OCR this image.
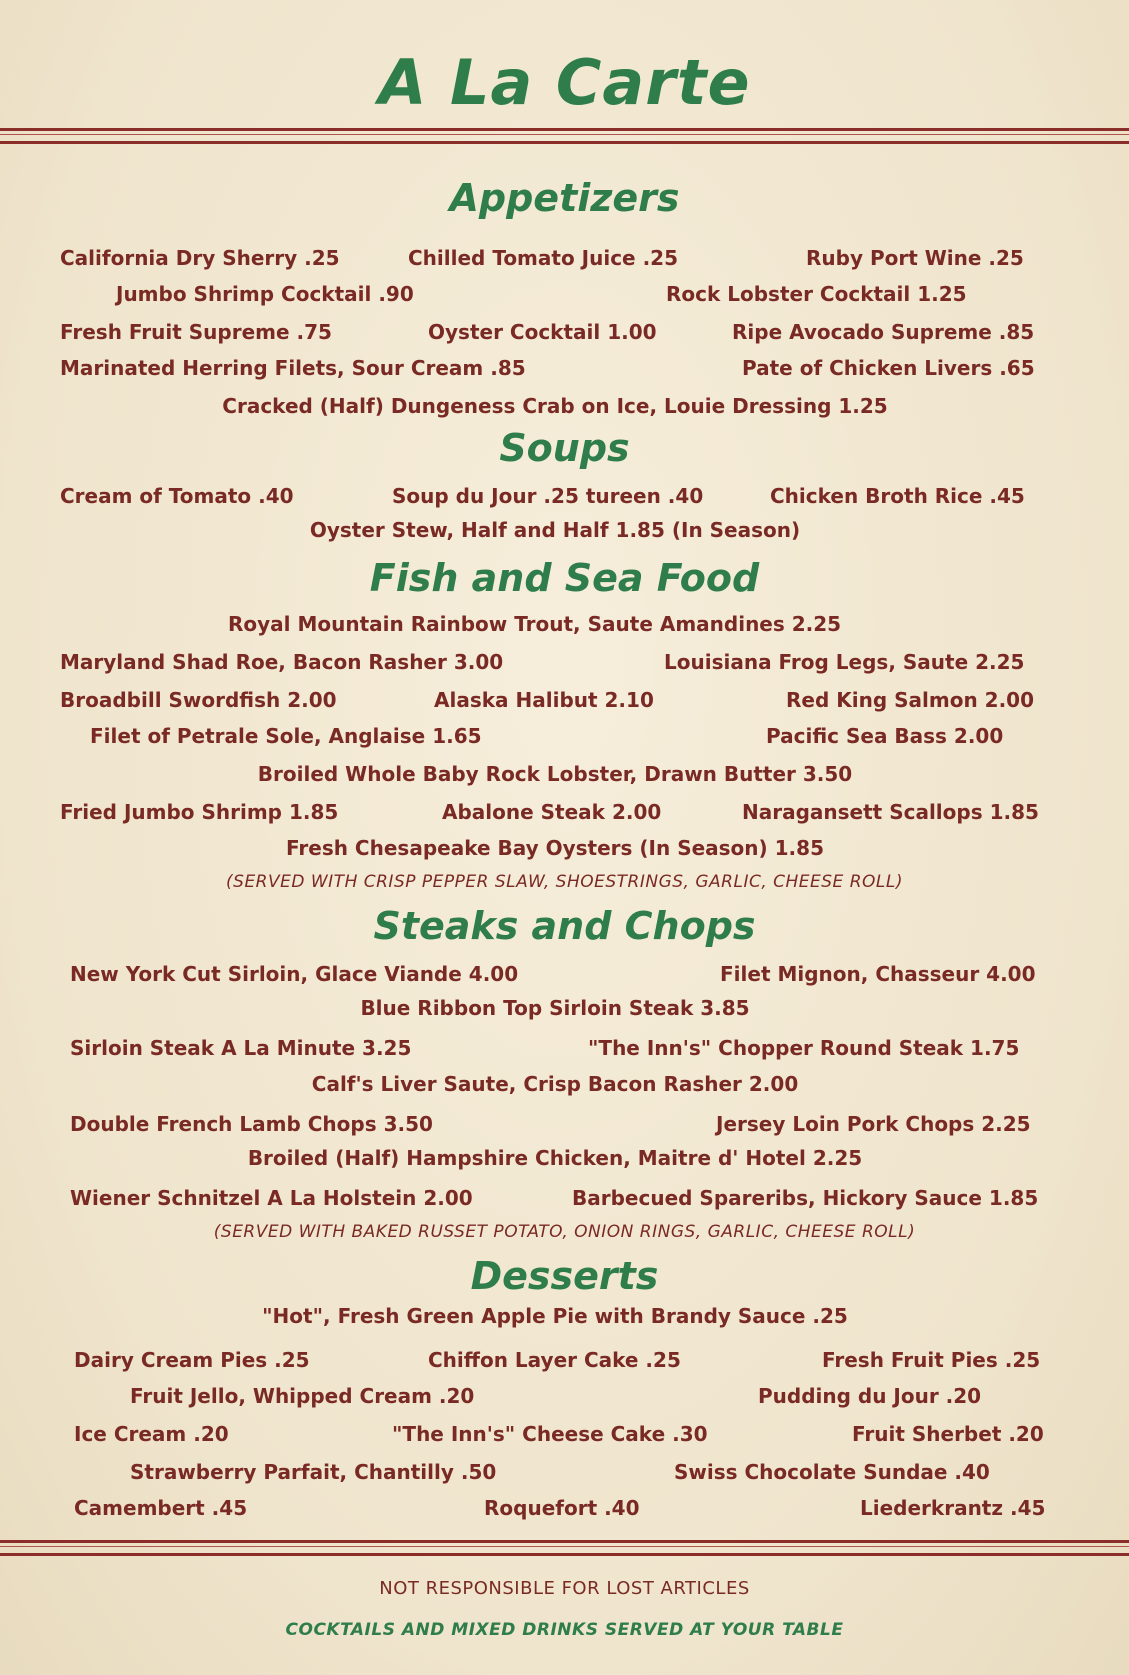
A La Carte
Appetizers
California Dry Sherry .25	Chilled Tomato Juice .25	Ruby Port Wine .25
Jumbo Shrimp Cocktail .90	Rock Lobster Cocktail 1.25
Fresh Fruit Supreme .75	Oyster Cocktail 1.00	Ripe Avocado Supreme .85
Marinated Herring Filets, Sour Cream .85	Pate of Chicken Livers .65
Cracked (Half) Dungeness Crab on Ice, Louie Dressing 1.25
Soups
Cream of Tomato .40	Soup du Jour .25 tureen .40	Chicken Broth Rice .45
Oyster Stew, Half and Half 1.85 (In Season)
Fish and Sea Food
Royal Mountain Rainbow Trout, Saute Amandines 2.25
Maryland Shad Roe, Bacon Rasher 3.00	Louisiana Frog Legs, Saute 2.25
Broadbill Swordfish 2.00	Alaska Halibut 2.10	Red King Salmon 2.00
Filet of Petrale Sole, Anglaise 1.65	Pacific Sea Bass 2.00
Broiled Whole Baby Rock Lobster, Drawn Butter 3.50
Fried Jumbo Shrimp 1.85	Abalone Steak 2.00	Naragansett Scallops 1.85
Fresh Chesapeake Bay Oysters (In Season) 1.85
(SERVED WITH CRISP PEPPER SLAW, SHOESTRINGS, GARLIC, CHEESE ROLL)
Steaks and Chops
New York Cut Sirloin, Glace Viande 4.00	Filet Mignon, Chasseur 4.00
Blue Ribbon Top Sirloin Steak 3.85
Sirloin Steak A La Minute 3.25	"The Inn's" Chopper Round Steak 1.75
Calf's Liver Saute, Crisp Bacon Rasher 2.00
Double French Lamb Chops 3.50	Jersey Loin Pork Chops 2.25
Broiled (Half) Hampshire Chicken, Maitre d' Hotel 2.25
Wiener Schnitzel A La Holstein 2.00	Barbecued Spareribs, Hickory Sauce 1.85
(SERVED WITH BAKED RUSSET POTATO, ONION RINGS, GARLIC, CHEESE ROLL)
Desserts
"Hot", Fresh Green Apple Pie with Brandy Sauce .25
Dairy Cream Pies .25	Chiffon Layer Cake .25	Fresh Fruit Pies .25
Fruit Jello, Whipped Cream .20	Pudding du Jour .20
Ice Cream .20	"The Inn's" Cheese Cake .30	Fruit Sherbet .20
Strawberry Parfait, Chantilly .50	Swiss Chocolate Sundae .40
Camembert .45	Roquefort .40	Liederkrantz .45
NOT RESPONSIBLE FOR LOST ARTICLES
COCKTAILS AND MIXED DRINKS SERVED AT YOUR TABLE
